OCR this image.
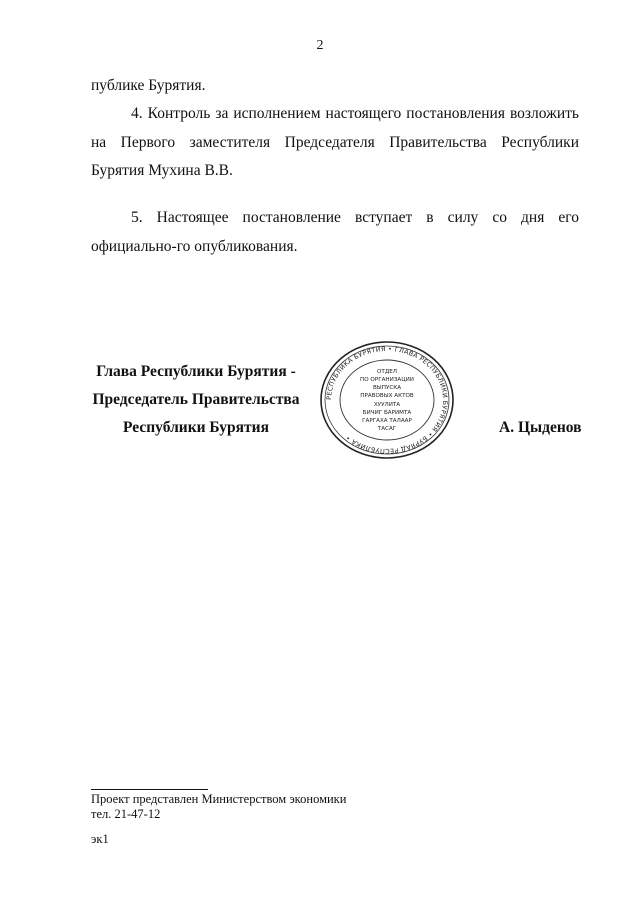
2

публике Бурятия.

4. Контроль за исполнением настоящего постановления возложить на Первого заместителя Председателя Правительства Республики Бурятия Мухина В.В.

5. Настоящее постановление вступает в силу со дня его официально-го опубликования.

Глава Республики Бурятия -
Председатель Правительства
Республики Бурятия
РЕСПУБЛИКА БУРЯТИЯ • ГЛАВА РЕСПУБЛИКИ БУРЯТИЯ • БУРЯАД РЕСПУБЛИКА •
ОТДЕЛ
ПО ОРГАНИЗАЦИИ
ВЫПУСКА
ПРАВОВЫХ АКТОВ
ХУУЛИТА
БИЧИГ БАРИМТА
ГАРГАХА ТАЛААР
ТАСАГ	А. Цыденов
Проект представлен Министерством экономики
тел. 21-47-12
эк1
